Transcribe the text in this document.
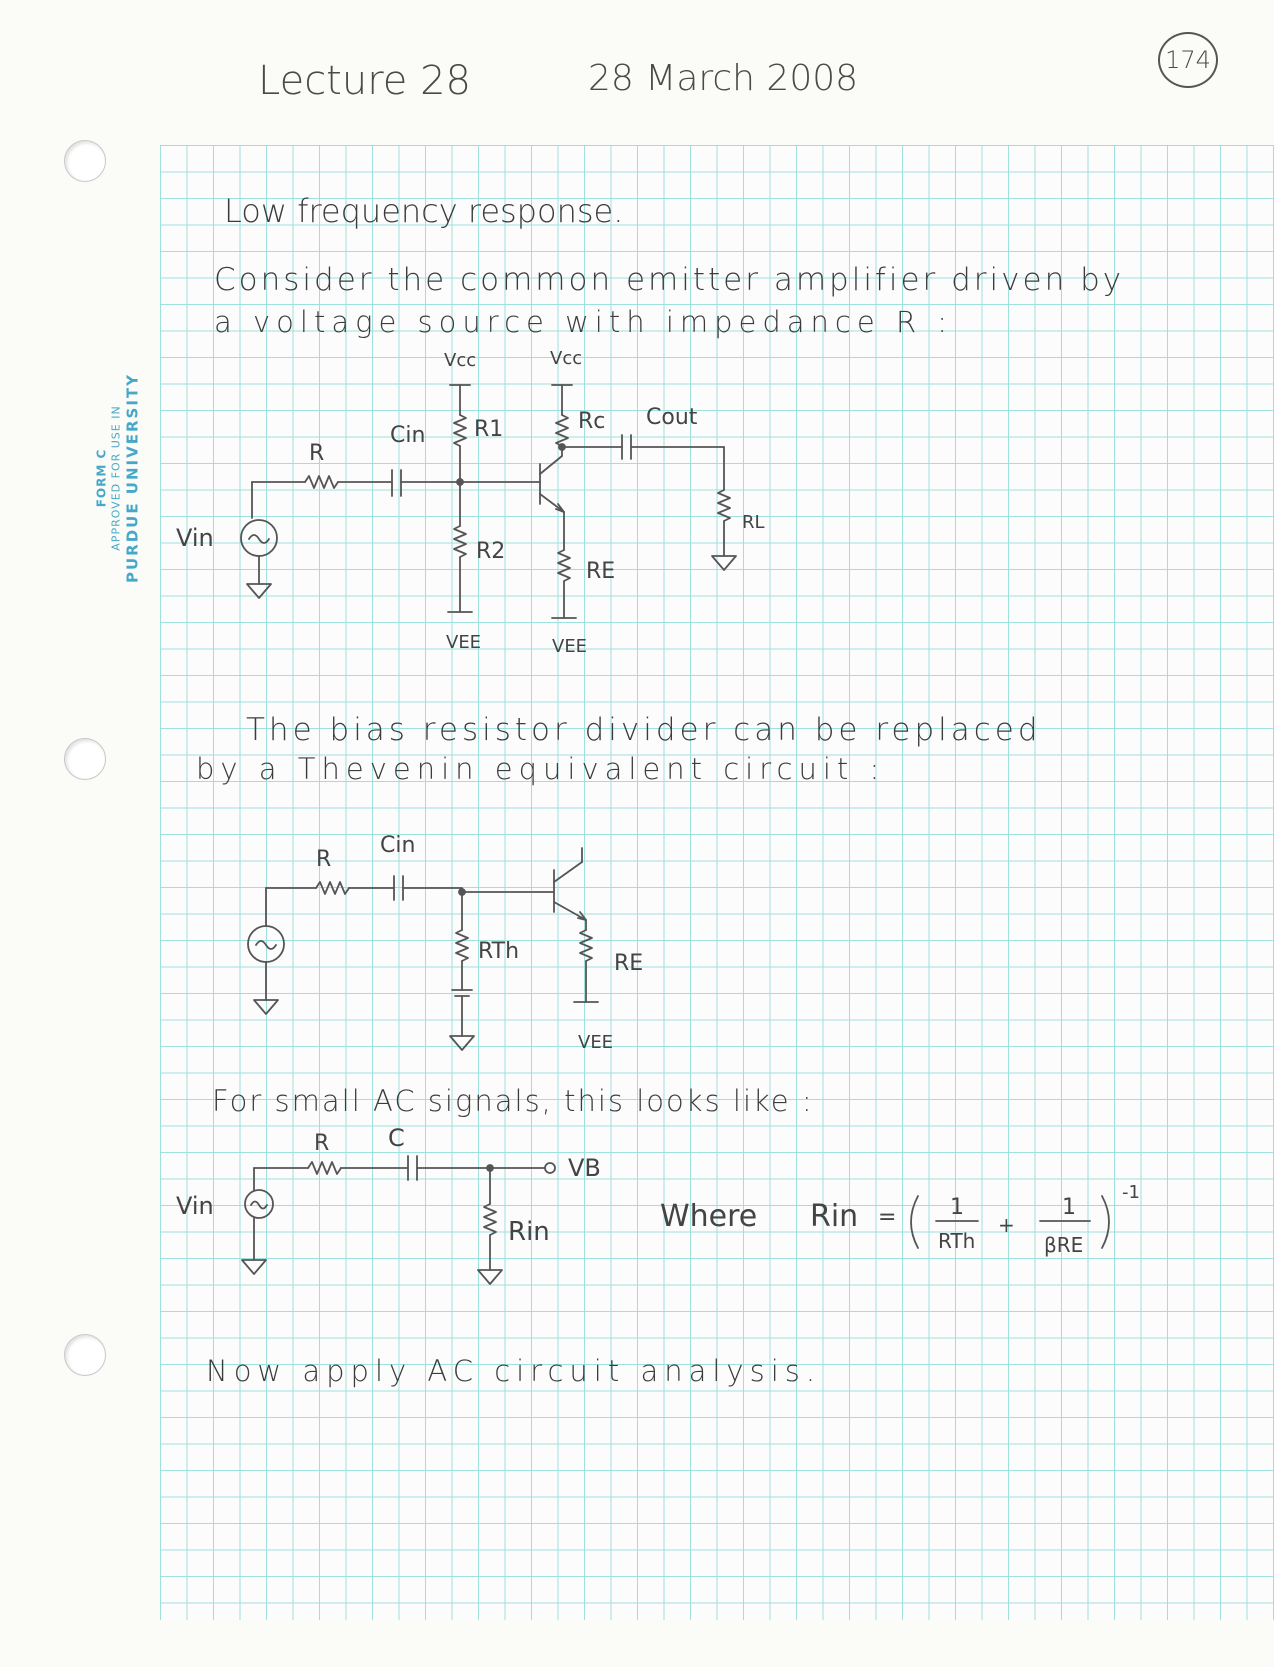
Lecture 28	28 March 2008	174
FORM C APPROVED FOR USE IN PURDUE UNIVERSITY
Low frequency response.
Consider the common emitter amplifier driven by
a voltage source with impedance R :
The bias resistor divider can be replaced
by a Thevenin equivalent circuit :
For small AC signals, this looks like :
Now apply AC circuit analysis.
Vcc	Vcc
R1	Rc
Cin
Cout
R
RL
Vin	R2
RE
VEE	VEE
R
Cin
RTh	RE
VEE
R C
VB
Vin
Rin	Where Rin = 1
RTh
+
1
βRE
-1
